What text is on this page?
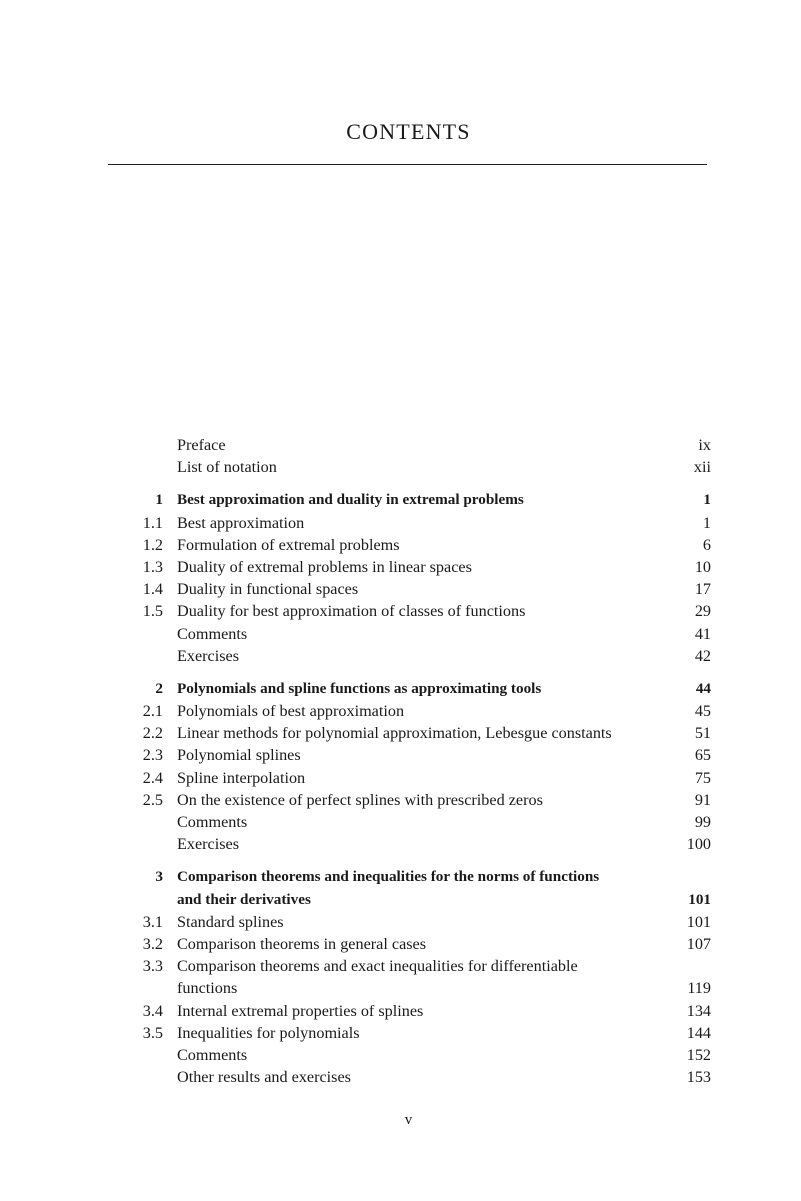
CONTENTS
Preface	ix
List of notation	xii
1 Best approximation and duality in extremal problems	1
1.1 Best approximation	1
1.2 Formulation of extremal problems	6
1.3 Duality of extremal problems in linear spaces	10
1.4 Duality in functional spaces	17
1.5 Duality for best approximation of classes of functions	29
Comments	41
Exercises	42
2 Polynomials and spline functions as approximating tools	44
2.1 Polynomials of best approximation	45
2.2 Linear methods for polynomial approximation, Lebesgue constants	51
2.3 Polynomial splines	65
2.4 Spline interpolation	75
2.5 On the existence of perfect splines with prescribed zeros	91
Comments	99
Exercises	100
3 Comparison theorems and inequalities for the norms of functions
and their derivatives	101
3.1 Standard splines	101
3.2 Comparison theorems in general cases	107
3.3 Comparison theorems and exact inequalities for differentiable
functions	119
3.4 Internal extremal properties of splines	134
3.5 Inequalities for polynomials	144
Comments	152
Other results and exercises	153
v
